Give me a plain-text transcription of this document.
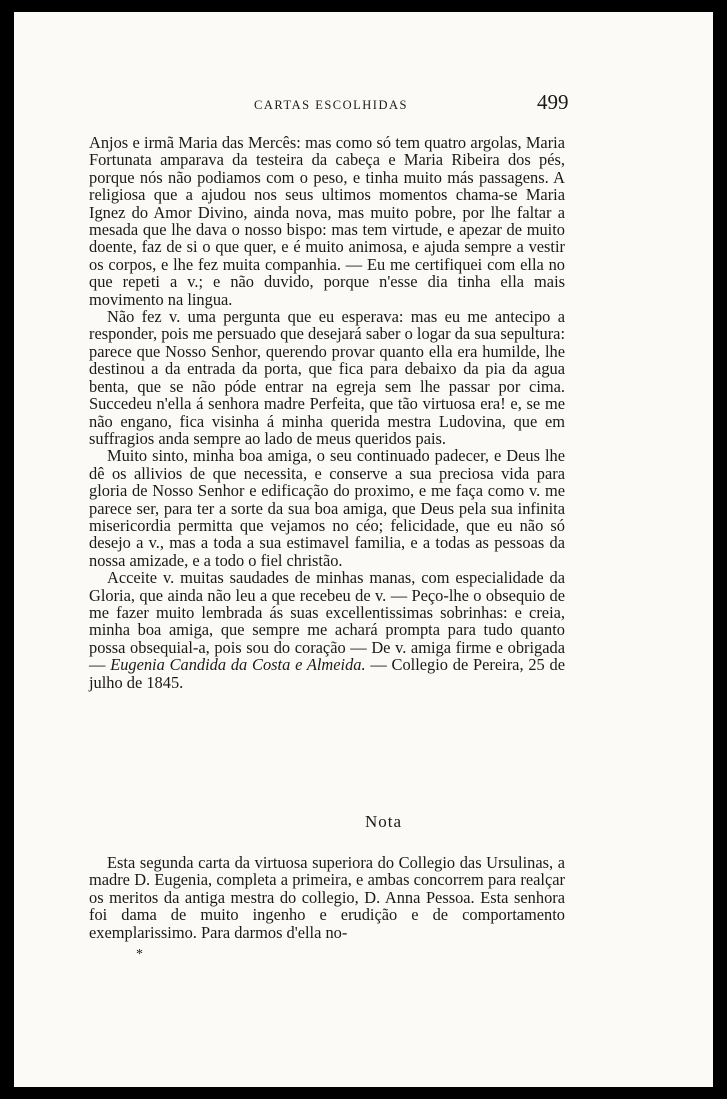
CARTAS ESCOLHIDAS	499

Anjos e irmã Maria das Mercês: mas como só tem quatro argolas, Maria Fortunata amparava da testeira da cabeça e Maria Ribeira dos pés, porque nós não podiamos com o peso, e tinha muito más passagens. A religiosa que a ajudou nos seus ultimos momentos chama-se Maria Ignez do Amor Divino, ainda nova, mas muito pobre, por lhe faltar a mesada que lhe dava o nosso bispo: mas tem virtude, e apezar de muito doente, faz de si o que quer, e é muito animosa, e ajuda sempre a vestir os corpos, e lhe fez muita companhia. — Eu me certifiquei com ella no que repeti a v.; e não duvido, porque n'esse dia tinha ella mais movimento na lingua.

Não fez v. uma pergunta que eu esperava: mas eu me antecipo a responder, pois me persuado que desejará saber o logar da sua sepultura: parece que Nosso Senhor, querendo provar quanto ella era humilde, lhe destinou a da entrada da porta, que fica para debaixo da pia da agua benta, que se não póde entrar na egreja sem lhe passar por cima. Succedeu n'ella á senhora madre Perfeita, que tão virtuosa era! e, se me não engano, fica visinha á minha querida mestra Ludovina, que em suffragios anda sempre ao lado de meus queridos pais.

Muito sinto, minha boa amiga, o seu continuado padecer, e Deus lhe dê os allivios de que necessita, e conserve a sua preciosa vida para gloria de Nosso Senhor e edificação do proximo, e me faça como v. me parece ser, para ter a sorte da sua boa amiga, que Deus pela sua infinita misericordia permitta que vejamos no céo; felicidade, que eu não só desejo a v., mas a toda a sua estimavel familia, e a todas as pessoas da nossa amizade, e a todo o fiel christão.

Acceite v. muitas saudades de minhas manas, com especialidade da Gloria, que ainda não leu a que recebeu de v. — Peço-lhe o obsequio de me fazer muito lembrada ás suas excellentissimas sobrinhas: e creia, minha boa amiga, que sempre me achará prompta para tudo quanto possa obsequial-a, pois sou do coração — De v. amiga firme e obrigada — Eugenia Candida da Costa e Almeida. — Collegio de Pereira, 25 de julho de 1845.

Nota

Esta segunda carta da virtuosa superiora do Collegio das Ursulinas, a madre D. Eugenia, completa a primeira, e ambas concorrem para realçar os meritos da antiga mestra do collegio, D. Anna Pessoa. Esta senhora foi dama de muito ingenho e erudição e de comportamento exemplarissimo. Para darmos d'ella no-

*
